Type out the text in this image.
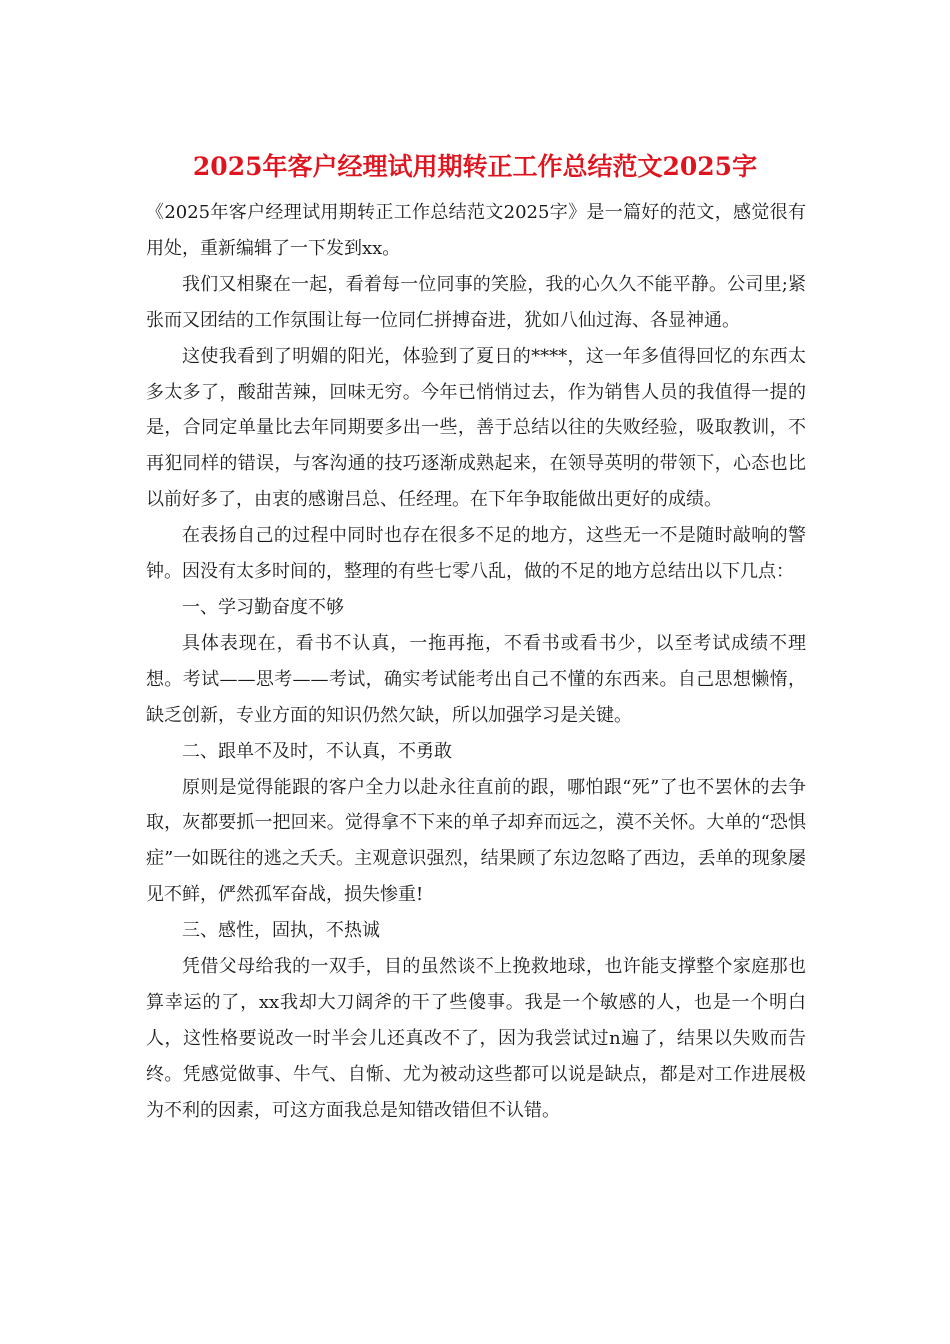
2025年客户经理试用期转正工作总结范文2025字

《2025年客户经理试用期转正工作总结范文2025字》是一篇好的范文，感觉很有用处，重新编辑了一下发到xx。

我们又相聚在一起，看着每一位同事的笑脸，我的心久久不能平静。公司里;紧张而又团结的工作氛围让每一位同仁拼搏奋进，犹如八仙过海、各显神通。

这使我看到了明媚的阳光，体验到了夏日的****，这一年多值得回忆的东西太多太多了，酸甜苦辣，回味无穷。今年已悄悄过去，作为销售人员的我值得一提的是，合同定单量比去年同期要多出一些，善于总结以往的失败经验，吸取教训，不再犯同样的错误，与客沟通的技巧逐渐成熟起来，在领导英明的带领下，心态也比以前好多了，由衷的感谢吕总、任经理。在下年争取能做出更好的成绩。

在表扬自己的过程中同时也存在很多不足的地方，这些无一不是随时敲响的警钟。因没有太多时间的，整理的有些七零八乱，做的不足的地方总结出以下几点：

一、学习勤奋度不够

具体表现在，看书不认真，一拖再拖，不看书或看书少，以至考试成绩不理想。考试——思考——考试，确实考试能考出自己不懂的东西来。自己思想懒惰，缺乏创新，专业方面的知识仍然欠缺，所以加强学习是关键。

二、跟单不及时，不认真，不勇敢

原则是觉得能跟的客户全力以赴永往直前的跟，哪怕跟“死”了也不罢休的去争取，灰都要抓一把回来。觉得拿不下来的单子却弃而远之，漠不关怀。大单的“恐惧症”一如既往的逃之夭夭。主观意识强烈，结果顾了东边忽略了西边，丢单的现象屡见不鲜，俨然孤军奋战，损失惨重!

三、感性，固执，不热诚

凭借父母给我的一双手，目的虽然谈不上挽救地球，也许能支撑整个家庭那也算幸运的了，xx我却大刀阔斧的干了些傻事。我是一个敏感的人，也是一个明白人，这性格要说改一时半会儿还真改不了，因为我尝试过n遍了，结果以失败而告终。凭感觉做事、牛气、自惭、尤为被动这些都可以说是缺点，都是对工作进展极为不利的因素，可这方面我总是知错改错但不认错。
